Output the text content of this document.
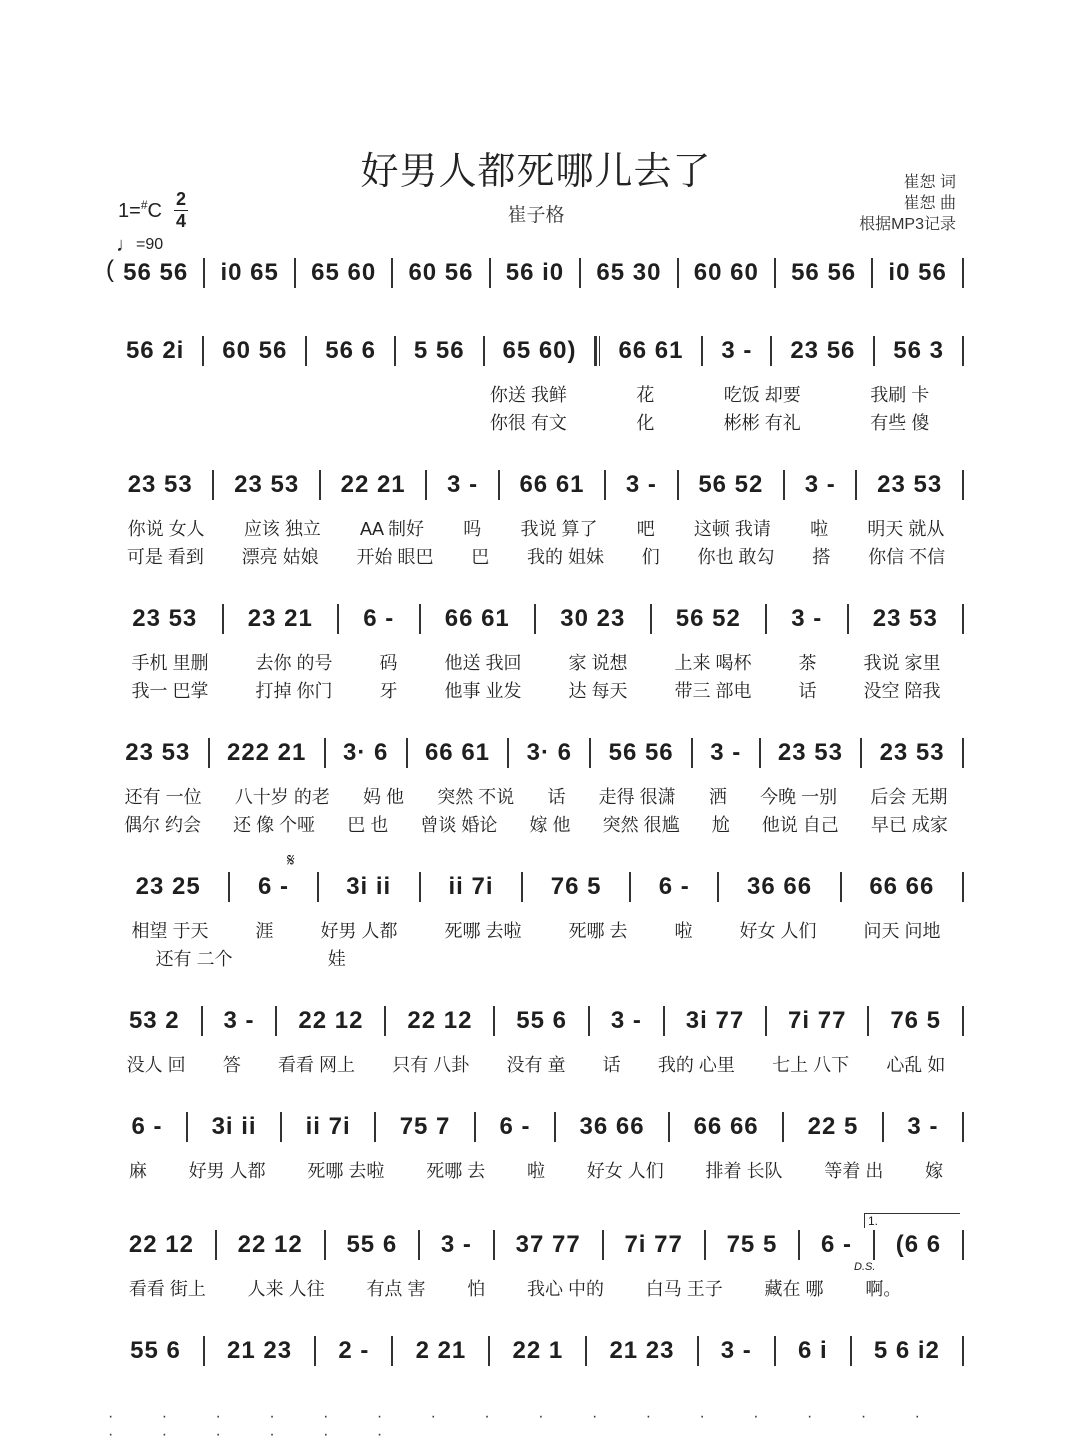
好男人都死哪儿去了
崔子格
崔恕 词
崔恕 曲
根据MP3记录
1=#C
2
4
♩=90
56 56	i0 65	65 60	60 56	56 i0	65 30	60 60	56 56	i0 56
(
56 2i	60 56	56 6	5 56	65 60)	66 61	3 -	23 56	56 3
你送 我鲜	花	吃饭 却要	我刷 卡
你很 有文	化	彬彬 有礼	有些 傻
23 53	23 53	22 21	3 -	66 61	3 -	56 52	3 -	23 53
你说 女人	应该 独立	AA 制好	吗	我说 算了	吧	这顿 我请	啦	明天 就从
可是 看到	漂亮 姑娘	开始 眼巴	巴	我的 姐妹	们	你也 敢勾	搭	你信 不信
23 53	23 21	6 -	66 61	30 23	56 52	3 -	23 53
手机 里删	去你 的号	码	他送 我回	家 说想	上来 喝杯	茶	我说 家里
我一 巴掌	打掉 你门	牙	他事 业发	达 每天	带三 部电	话	没空 陪我
23 53	222 21	3· 6	66 61	3· 6	56 56	3 -	23 53	23 53
还有 一位	八十岁 的老	妈 他	突然 不说	话	走得 很潇	洒	今晚 一别	后会 无期
偶尔 约会	还 像 个哑	巴 也	曾谈 婚论	嫁 他	突然 很尴	尬	他说 自己	早已 成家
23 25	6 -	3i ii	ii 7i	76 5	6 -	36 66	66 66
相望 于天	涯	好男 人都	死哪 去啦	死哪 去	啦	好女 人们	问天 问地
还有 二个	娃
53 2	3 -	22 12	22 12	55 6	3 -	3i 77	7i 77	76 5
没人 回	答	看看 网上	只有 八卦	没有 童	话	我的 心里	七上 八下	心乱 如
6 -	3i ii	ii 7i	75 7	6 -	36 66	66 66	22 5	3 -
麻	好男 人都	死哪 去啦	死哪 去	啦	好女 人们	排着 长队	等着 出	嫁
22 12	22 12	55 6	3 -	37 77	7i 77	75 5	6 -	(6 6
看看 街上	人来 人往	有点 害	怕	我心 中的	白马 王子	藏在 哪	啊。
1.
D.S.
55 6	21 23	2 -	2 21	22 1	21 23	3 -	6 i	5 6 i2
𝄋
· · · · · · · · · · · · · · · · · · · · · ·
